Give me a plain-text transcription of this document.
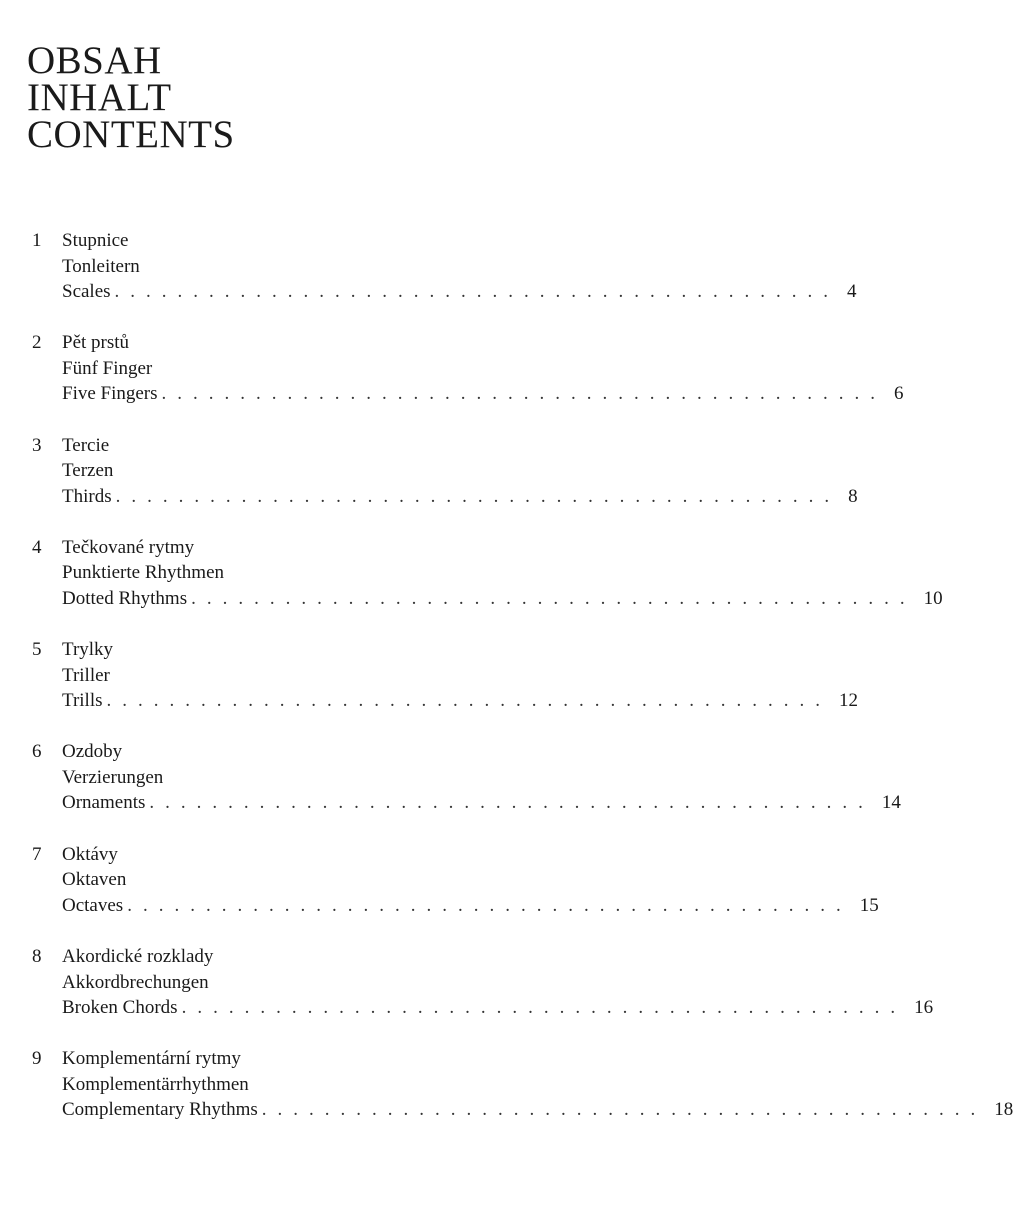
OBSAH
INHALT
CONTENTS
1 Stupnice
Tonleitern
Scales .............................................. 4
2 Pět prstů
Fünf Finger
Five Fingers .............................................. 6
3 Tercie
Terzen
Thirds .............................................. 8
4 Tečkované rytmy
Punktierte Rhythmen
Dotted Rhythms .............................................. 10
5 Trylky
Triller
Trills .............................................. 12
6 Ozdoby
Verzierungen
Ornaments .............................................. 14
7 Oktávy
Oktaven
Octaves .............................................. 15
8 Akordické rozklady
Akkordbrechungen
Broken Chords .............................................. 16
9 Komplementární rytmy
Komplementärrhythmen
Complementary Rhythms .............................................. 18
